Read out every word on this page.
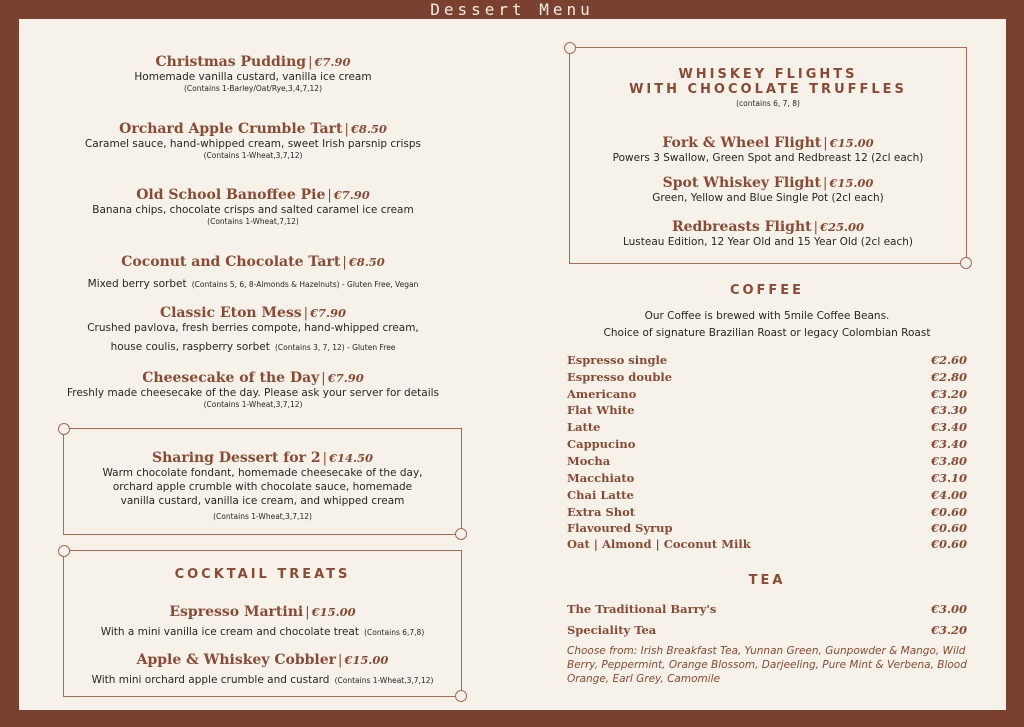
Dessert Menu
Christmas Pudding | €7.90
Homemade vanilla custard, vanilla ice cream
(Contains 1-Barley/Oat/Rye,3,4,7,12)
Orchard Apple Crumble Tart | €8.50
Caramel sauce, hand-whipped cream, sweet Irish parsnip crisps
(Contains 1-Wheat,3,7,12)
Old School Banoffee Pie | €7.90
Banana chips, chocolate crisps and salted caramel ice cream
(Contains 1-Wheat,7,12)
Coconut and Chocolate Tart | €8.50
Mixed berry sorbet (Contains 5, 6, 8-Almonds & Hazelnuts) - Gluten Free, Vegan
Classic Eton Mess | €7.90
Crushed pavlova, fresh berries compote, hand-whipped cream,
house coulis, raspberry sorbet (Contains 3, 7, 12) - Gluten Free
Cheesecake of the Day | €7.90
Freshly made cheesecake of the day. Please ask your server for details
(Contains 1-Wheat,3,7,12)
Sharing Dessert for 2 | €14.50
Warm chocolate fondant, homemade cheesecake of the day,
orchard apple crumble with chocolate sauce, homemade
vanilla custard, vanilla ice cream, and whipped cream
(Contains 1-Wheat,3,7,12)
COCKTAIL TREATS
Espresso Martini | €15.00
With a mini vanilla ice cream and chocolate treat (Contains 6,7,8)
Apple & Whiskey Cobbler | €15.00
With mini orchard apple crumble and custard (Contains 1-Wheat,3,7,12)
WHISKEY FLIGHTS
WITH CHOCOLATE TRUFFLES
(contains 6, 7, 8)
Fork & Wheel Flight | €15.00
Powers 3 Swallow, Green Spot and Redbreast 12 (2cl each)
Spot Whiskey Flight | €15.00
Green, Yellow and Blue Single Pot (2cl each)
Redbreasts Flight | €25.00
Lusteau Edition, 12 Year Old and 15 Year Old (2cl each)
COFFEE
Our Coffee is brewed with 5mile Coffee Beans.
Choice of signature Brazilian Roast or legacy Colombian Roast
Espresso single	€2.60
Espresso double	€2.80
Americano	€3.20
Flat White	€3.30
Latte	€3.40
Cappucino	€3.40
Mocha	€3.80
Macchiato	€3.10
Chai Latte	€4.00
Extra Shot	€0.60
Flavoured Syrup	€0.60
Oat | Almond | Coconut Milk	€0.60
TEA
The Traditional Barry's	€3.00
Speciality Tea	€3.20
Choose from: Irish Breakfast Tea, Yunnan Green, Gunpowder & Mango, Wild Berry, Peppermint, Orange Blossom, Darjeeling, Pure Mint & Verbena, Blood Orange, Earl Grey, Camomile
